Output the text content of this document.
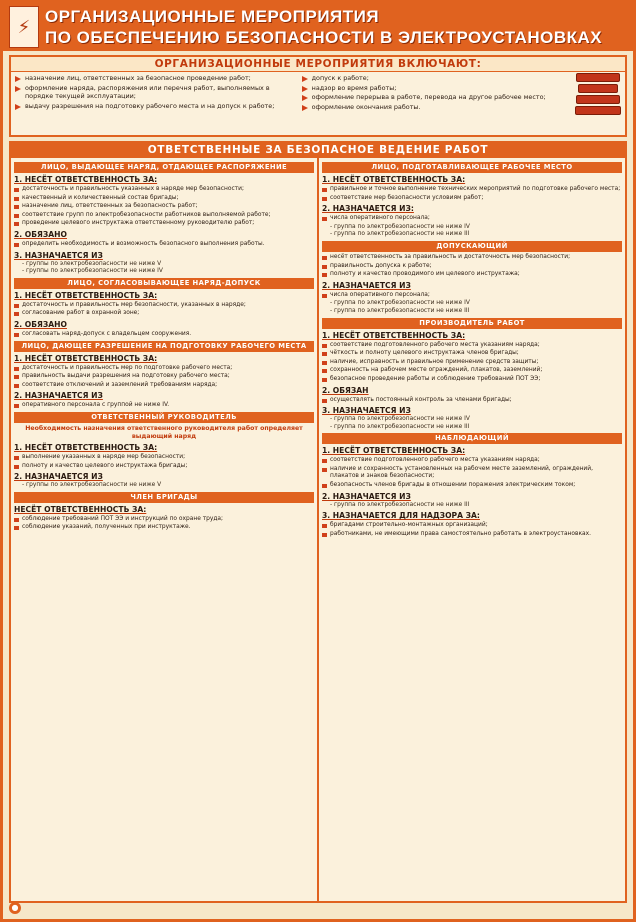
⚡ ОРГАНИЗАЦИОННЫЕ МЕРОПРИЯТИЯ
ПО ОБЕСПЕЧЕНИЮ БЕЗОПАСНОСТИ В ЭЛЕКТРОУСТАНОВКАХ
ОРГАНИЗАЦИОННЫЕ МЕРОПРИЯТИЯ ВКЛЮЧАЮТ:
назначение лиц, ответственных за безопасное проведение работ;
оформление наряда, распоряжения или перечня работ, выполняемых в порядке текущей эксплуатации;
выдачу разрешения на подготовку рабочего места и на допуск к работе;
допуск к работе;
надзор во время работы;
оформление перерыва в работе, перевода на другое рабочее место;
оформление окончания работы.
ОТВЕТСТВЕННЫЕ ЗА БЕЗОПАСНОЕ ВЕДЕНИЕ РАБОТ
ЛИЦО, ВЫДАЮЩЕЕ НАРЯД, ОТДАЮЩЕЕ РАСПОРЯЖЕНИЕ
1. НЕСЁТ ОТВЕТСТВЕННОСТЬ ЗА:
достаточность и правильность указанных в наряде мер безопасности;
качественный и количественный состав бригады;
назначение лиц, ответственных за безопасность работ;
соответствие групп по электробезопасности работников выполняемой работе;
проведение целевого инструктажа ответственному руководителю работ;
2. ОБЯЗАНО
определить необходимость и возможность безопасного выполнения работы.
3. НАЗНАЧАЕТСЯ ИЗ
- группы по электробезопасности не ниже V
- группы по электробезопасности не ниже IV
ЛИЦО, СОГЛАСОВЫВАЮЩЕЕ НАРЯД-ДОПУСК
1. НЕСЁТ ОТВЕТСТВЕННОСТЬ ЗА:
достаточность и правильность мер безопасности, указанных в наряде;
согласование работ в охранной зоне;
2. ОБЯЗАНО
согласовать наряд-допуск с владельцем сооружения.
ЛИЦО, ДАЮЩЕЕ РАЗРЕШЕНИЕ НА ПОДГОТОВКУ РАБОЧЕГО МЕСТА
1. НЕСЁТ ОТВЕТСТВЕННОСТЬ ЗА:
достаточность и правильность мер по подготовке рабочего места;
правильность выдачи разрешения на подготовку рабочего места;
соответствие отключений и заземлений требованиям наряда;
2. НАЗНАЧАЕТСЯ ИЗ
оперативного персонала с группой не ниже IV.
ОТВЕТСТВЕННЫЙ РУКОВОДИТЕЛЬ
Необходимость назначения ответственного руководителя работ определяет выдающий наряд
1. НЕСЁТ ОТВЕТСТВЕННОСТЬ ЗА:
выполнение указанных в наряде мер безопасности;
полноту и качество целевого инструктажа бригады;
2. НАЗНАЧАЕТСЯ ИЗ
- группы по электробезопасности не ниже V
ЧЛЕН БРИГАДЫ
НЕСЁТ ОТВЕТСТВЕННОСТЬ ЗА:
соблюдение требований ПОТ ЭЭ и инструкций по охране труда;
соблюдение указаний, полученных при инструктаже.
ЛИЦО, ПОДГОТАВЛИВАЮЩЕЕ РАБОЧЕЕ МЕСТО
1. НЕСЁТ ОТВЕТСТВЕННОСТЬ ЗА:
правильное и точное выполнение технических мероприятий по подготовке рабочего места;
соответствие мер безопасности условиям работ;
2. НАЗНАЧАЕТСЯ ИЗ:
числа оперативного персонала;
- группа по электробезопасности не ниже IV
- группа по электробезопасности не ниже III
ДОПУСКАЮЩИЙ
несёт ответственность за правильность и достаточность мер безопасности;
правильность допуска к работе;
полноту и качество проводимого им целевого инструктажа;
2. НАЗНАЧАЕТСЯ ИЗ
числа оперативного персонала;
- группа по электробезопасности не ниже IV
- группа по электробезопасности не ниже III
ПРОИЗВОДИТЕЛЬ РАБОТ
1. НЕСЁТ ОТВЕТСТВЕННОСТЬ ЗА:
соответствие подготовленного рабочего места указаниям наряда;
чёткость и полноту целевого инструктажа членов бригады;
наличие, исправность и правильное применение средств защиты;
сохранность на рабочем месте ограждений, плакатов, заземлений;
безопасное проведение работы и соблюдение требований ПОТ ЭЭ;
2. ОБЯЗАН
осуществлять постоянный контроль за членами бригады;
3. НАЗНАЧАЕТСЯ ИЗ
- группа по электробезопасности не ниже IV
- группа по электробезопасности не ниже III
НАБЛЮДАЮЩИЙ
1. НЕСЁТ ОТВЕТСТВЕННОСТЬ ЗА:
соответствие подготовленного рабочего места указаниям наряда;
наличие и сохранность установленных на рабочем месте заземлений, ограждений, плакатов и знаков безопасности;
безопасность членов бригады в отношении поражения электрическим током;
2. НАЗНАЧАЕТСЯ ИЗ
- группа по электробезопасности не ниже III
3. НАЗНАЧАЕТСЯ ДЛЯ НАДЗОРА ЗА:
бригадами строительно-монтажных организаций;
работниками, не имеющими права самостоятельно работать в электроустановках.
●
